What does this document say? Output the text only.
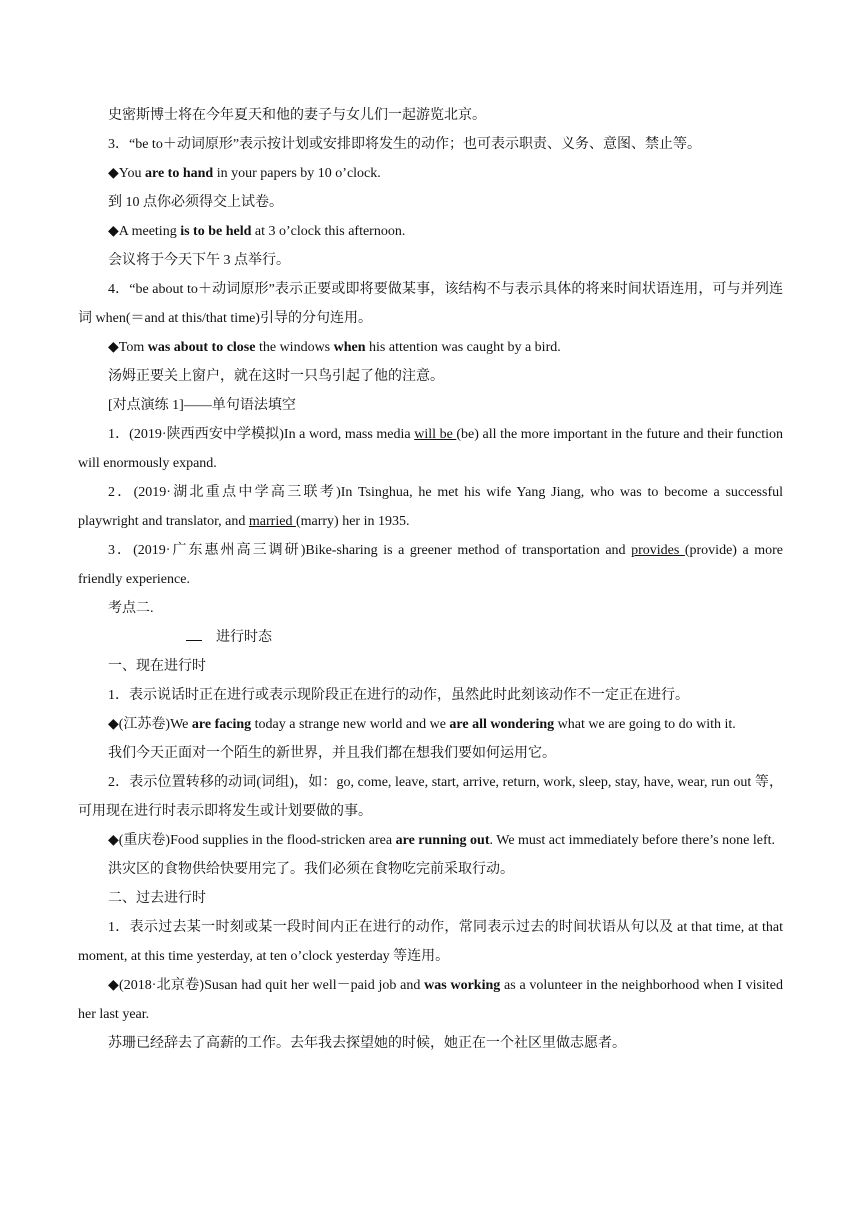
史密斯博士将在今年夏天和他的妻子与女儿们一起游览北京。

3．“be to＋动词原形”表示按计划或安排即将发生的动作；也可表示职责、义务、意图、禁止等。

◆You are to hand in your papers by 10 o’clock.

到 10 点你必须得交上试卷。

◆A meeting is to be held at 3 o’clock this afternoon.

会议将于今天下午 3 点举行。

4．“be about to＋动词原形”表示正要或即将要做某事，该结构不与表示具体的将来时间状语连用，可与并列连词 when(＝and at this/that time)引导的分句连用。

◆Tom was about to close the windows when his attention was caught by a bird.

汤姆正要关上窗户，就在这时一只鸟引起了他的注意。

[对点演练 1]——单句语法填空

1．(2019·陕西西安中学模拟)In a word, mass media will be (be) all the more important in the future and their function will enormously expand.

2．(2019·湖北重点中学高三联考)In Tsinghua, he met his wife Yang Jiang, who was to become a successful playwright and translator, and married (marry) her in 1935.

3．(2019·广东惠州高三调研)Bike-sharing is a greener method of transportation and provides (provide) a more friendly experience.

考点二.

进行时态

一、现在进行时

1．表示说话时正在进行或表示现阶段正在进行的动作，虽然此时此刻该动作不一定正在进行。

◆(江苏卷)We are facing today a strange new world and we are all wondering what we are going to do with it.

我们今天正面对一个陌生的新世界，并且我们都在想我们要如何运用它。

2．表示位置转移的动词(词组)，如：go, come, leave, start, arrive, return, work, sleep, stay, have, wear, run out 等，可用现在进行时表示即将发生或计划要做的事。

◆(重庆卷)Food supplies in the flood-stricken area are running out. We must act immediately before there’s none left.

洪灾区的食物供给快要用完了。我们必须在食物吃完前采取行动。

二、过去进行时

1．表示过去某一时刻或某一段时间内正在进行的动作，常同表示过去的时间状语从句以及 at that time, at that moment, at this time yesterday, at ten o’clock yesterday 等连用。

◆(2018·北京卷)Susan had quit her well－paid job and was working as a volunteer in the neighborhood when I visited her last year.

苏珊已经辞去了高薪的工作。去年我去探望她的时候，她正在一个社区里做志愿者。
